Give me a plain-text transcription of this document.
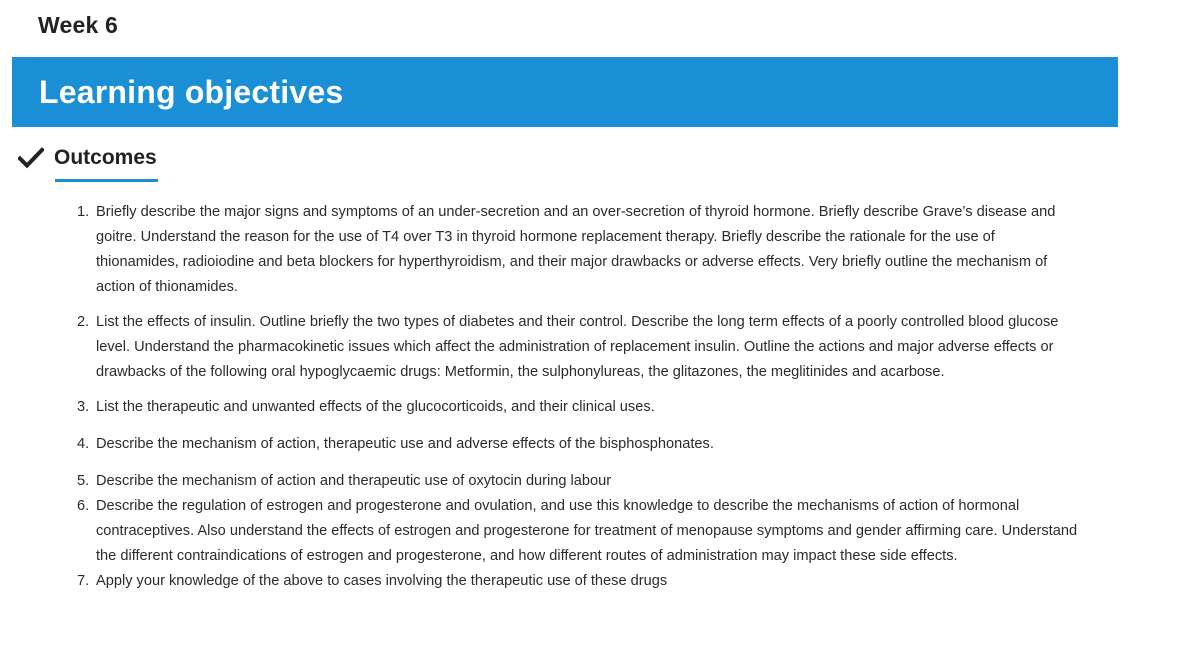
Week 6
Learning objectives
Outcomes
1. Briefly describe the major signs and symptoms of an under-secretion and an over-secretion of thyroid hormone. Briefly describe Grave’s disease and goitre. Understand the reason for the use of T4 over T3 in thyroid hormone replacement therapy. Briefly describe the rationale for the use of thionamides, radioiodine and beta blockers for hyperthyroidism, and their major drawbacks or adverse effects. Very briefly outline the mechanism of action of thionamides.
2. List the effects of insulin. Outline briefly the two types of diabetes and their control. Describe the long term effects of a poorly controlled blood glucose level. Understand the pharmacokinetic issues which affect the administration of replacement insulin. Outline the actions and major adverse effects or drawbacks of the following oral hypoglycaemic drugs: Metformin, the sulphonylureas, the glitazones, the meglitinides and acarbose.
3. List the therapeutic and unwanted effects of the glucocorticoids, and their clinical uses.
4. Describe the mechanism of action, therapeutic use and adverse effects of the bisphosphonates.
5. Describe the mechanism of action and therapeutic use of oxytocin during labour
6. Describe the regulation of estrogen and progesterone and ovulation, and use this knowledge to describe the mechanisms of action of hormonal contraceptives. Also understand the effects of estrogen and progesterone for treatment of menopause symptoms and gender affirming care. Understand the different contraindications of estrogen and progesterone, and how different routes of administration may impact these side effects.
7. Apply your knowledge of the above to cases involving the therapeutic use of these drugs
